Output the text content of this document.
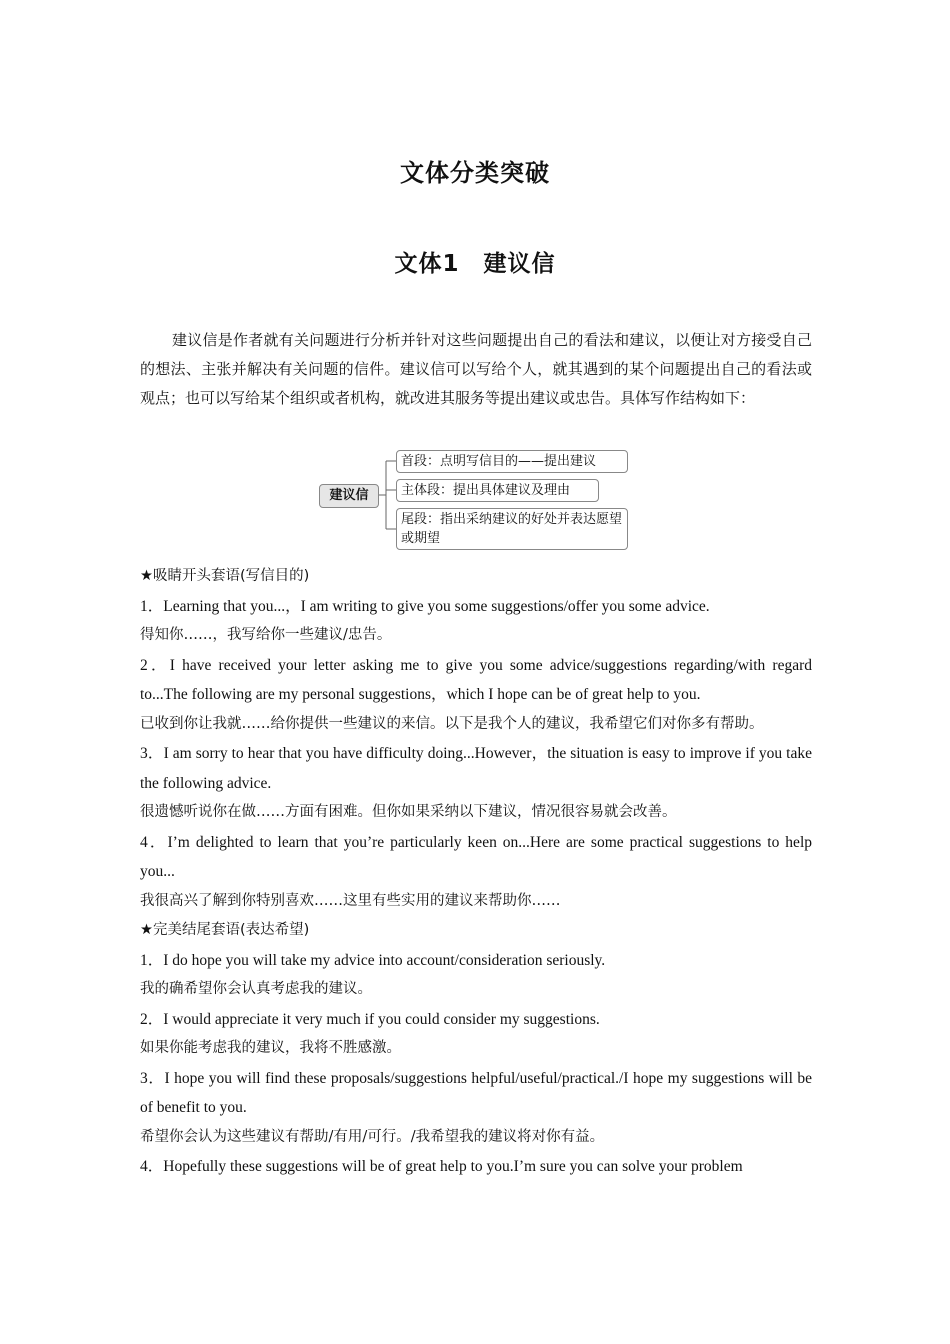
文体分类突破
文体1　建议信
建议信是作者就有关问题进行分析并针对这些问题提出自己的看法和建议，以便让对方接受自己的想法、主张并解决有关问题的信件。建议信可以写给个人，就其遇到的某个问题提出自己的看法或观点；也可以写给某个组织或者机构，就改进其服务等提出建议或忠告。具体写作结构如下：
建议信
首段：点明写信目的——提出建议
主体段：提出具体建议及理由
尾段：指出采纳建议的好处并表达愿望或期望
★吸睛开头套语(写信目的)
1．Learning that you...，I am writing to give you some suggestions/offer you some advice.
得知你……，我写给你一些建议/忠告。
2．I have received your letter asking me to give you some advice/suggestions regarding/with regard to...The following are my personal suggestions，which I hope can be of great help to you.
已收到你让我就……给你提供一些建议的来信。以下是我个人的建议，我希望它们对你多有帮助。
3．I am sorry to hear that you have difficulty doing...However，the situation is easy to improve if you take the following advice.
很遗憾听说你在做……方面有困难。但你如果采纳以下建议，情况很容易就会改善。
4．I’m delighted to learn that you’re particularly keen on...Here are some practical suggestions to help you...
我很高兴了解到你特别喜欢……这里有些实用的建议来帮助你……
★完美结尾套语(表达希望)
1．I do hope you will take my advice into account/consideration seriously.
我的确希望你会认真考虑我的建议。
2．I would appreciate it very much if you could consider my suggestions.
如果你能考虑我的建议，我将不胜感激。
3．I hope you will find these proposals/suggestions helpful/useful/practical./I hope my suggestions will be of benefit to you.
希望你会认为这些建议有帮助/有用/可行。/我希望我的建议将对你有益。
4．Hopefully these suggestions will be of great help to you.I’m sure you can solve your problem
